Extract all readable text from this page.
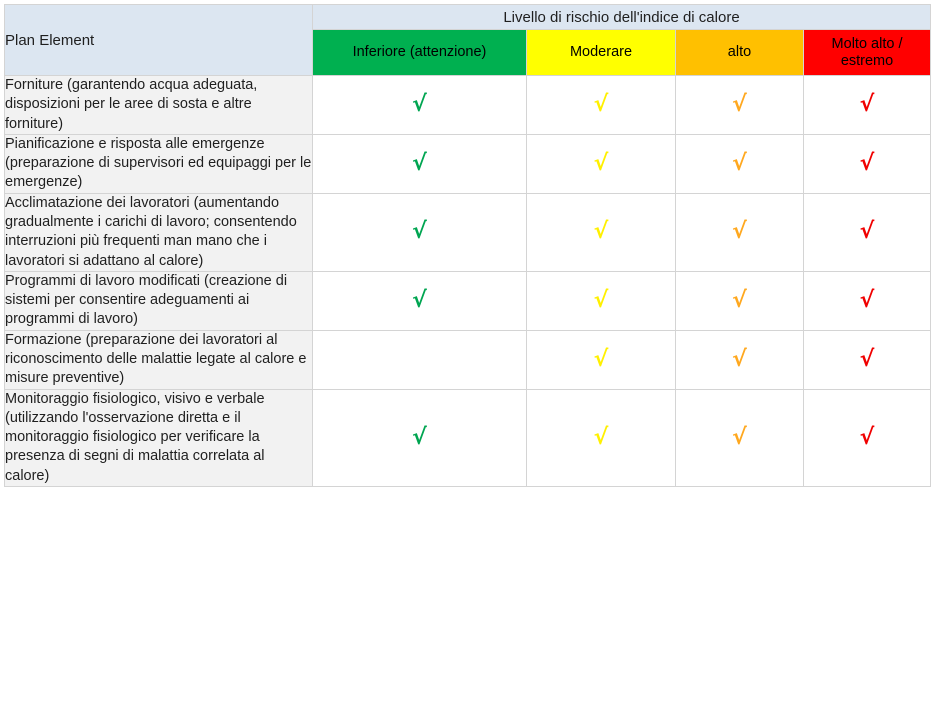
Plan Element	Livello di rischio dell'indice di calore			
	Inferiore (attenzione)	Moderare	alto	Molto alto / estremo
Forniture (garantendo acqua adeguata, disposizioni per le aree di sosta e altre forniture)	√	√	√	√
Pianificazione e risposta alle emergenze (preparazione di supervisori ed equipaggi per le emergenze)	√	√	√	√
Acclimatazione dei lavoratori (aumentando gradualmente i carichi di lavoro; consentendo interruzioni più frequenti man mano che i lavoratori si adattano al calore)	√	√	√	√
Programmi di lavoro modificati (creazione di sistemi per consentire adeguamenti ai programmi di lavoro)	√	√	√	√
Formazione (preparazione dei lavoratori al riconoscimento delle malattie legate al calore e misure preventive)		√	√	√
Monitoraggio fisiologico, visivo e verbale (utilizzando l'osservazione diretta e il monitoraggio fisiologico per verificare la presenza di segni di malattia correlata al calore)	√	√	√	√
